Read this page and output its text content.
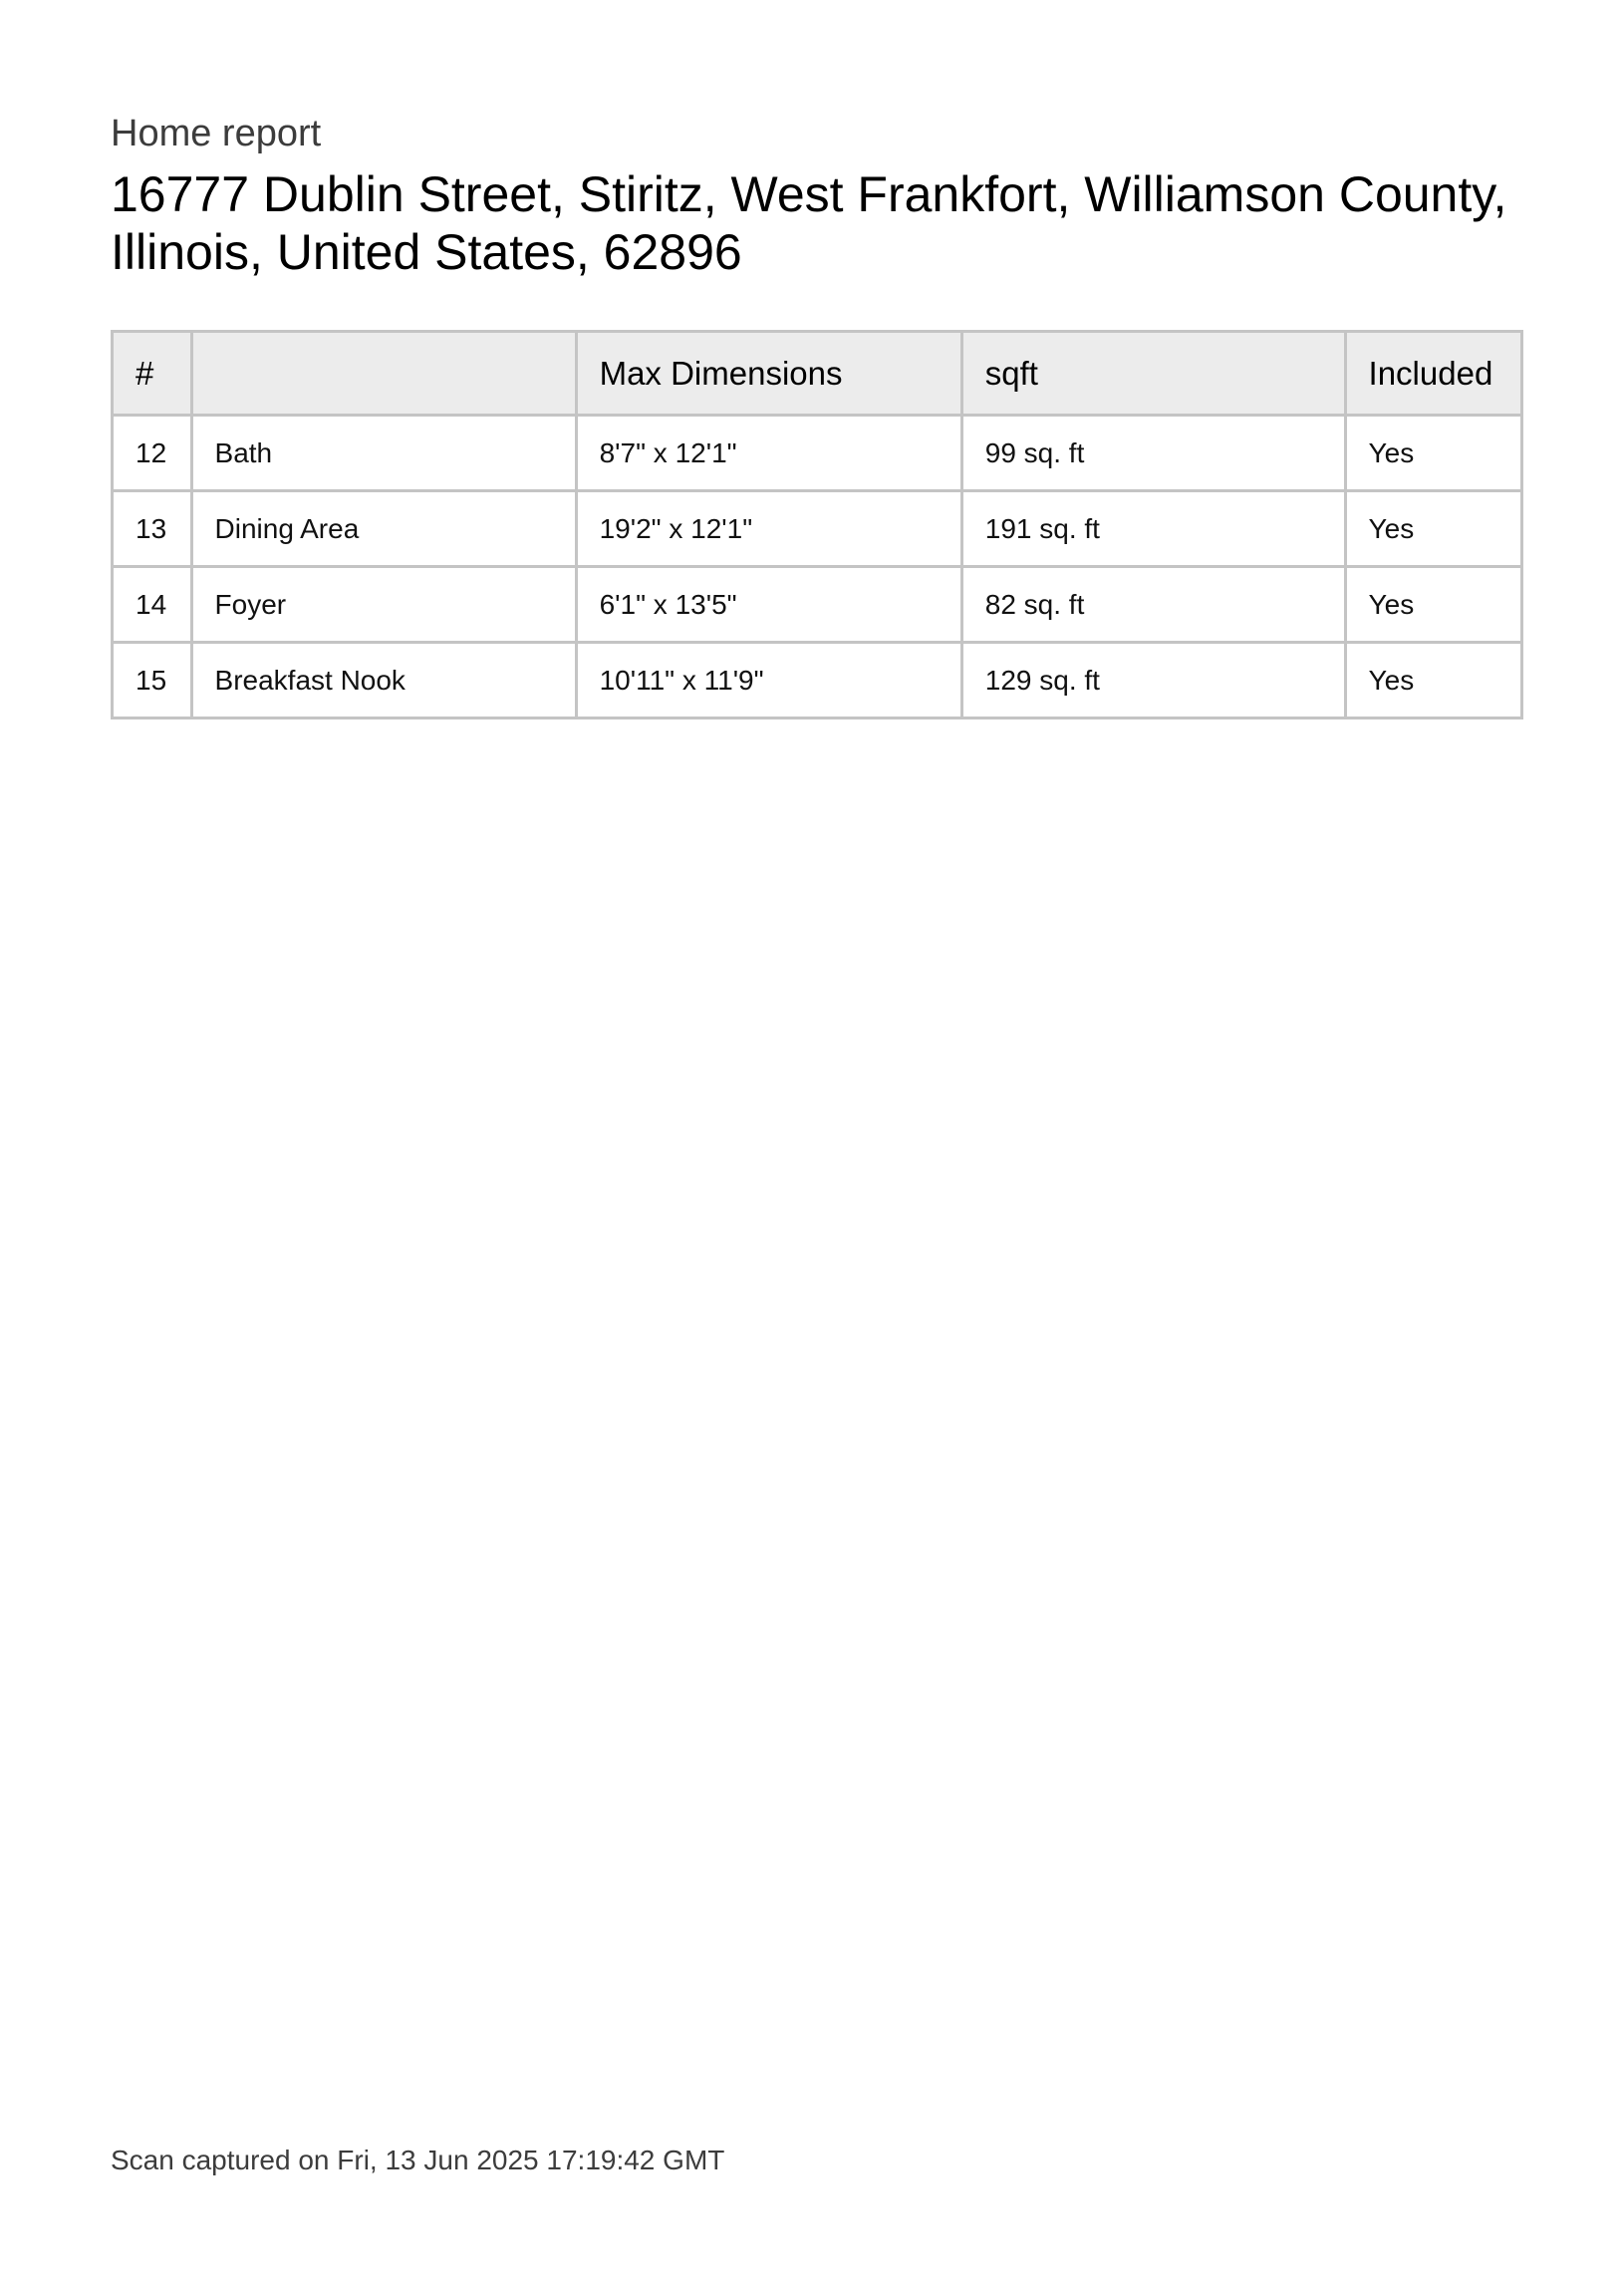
Home report
16777 Dublin Street, Stiritz, West Frankfort, Williamson County, Illinois, United States, 62896
#		Max Dimensions	sqft	Included
12	Bath	8'7" x 12'1"	99 sq. ft	Yes
13	Dining Area	19'2" x 12'1"	191 sq. ft	Yes
14	Foyer	6'1" x 13'5"	82 sq. ft	Yes
15	Breakfast Nook	10'11" x 11'9"	129 sq. ft	Yes
Scan captured on Fri, 13 Jun 2025 17:19:42 GMT
